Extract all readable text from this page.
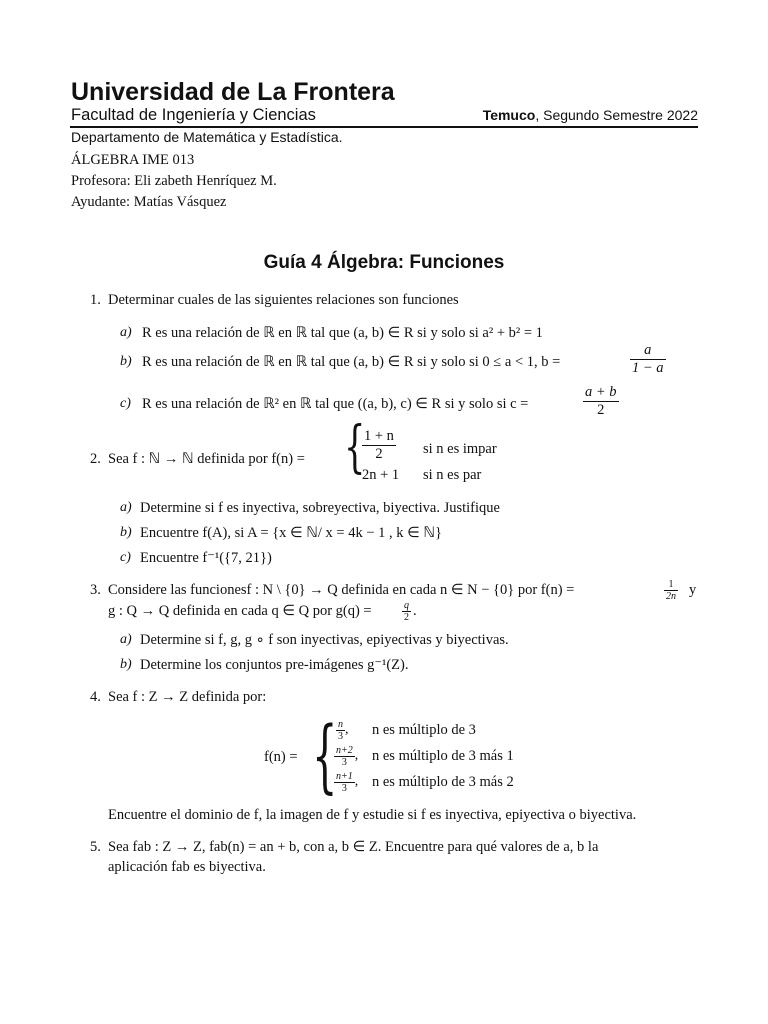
Universidad de La Frontera
Facultad de Ingeniería y Ciencias	Temuco, Segundo Semestre 2022
Departamento de Matemática y Estadística.
ÁLGEBRA IME 013
Profesora: Eli zabeth Henríquez M.
Ayudante: Matías Vásquez
Guía 4 Álgebra: Funciones
1. Determinar cuales de las siguientes relaciones son funciones
a) R es una relación de ℝ en ℝ tal que (a, b) ∈ R si y solo si a² + b² = 1
b) R es una relación de ℝ en ℝ tal que (a, b) ∈ R si y solo si 0 ≤ a < 1, b =	$\frac{a}{1 - a}$
c) R es una relación de ℝ² en ℝ tal que ((a, b), c) ∈ R si y solo si c =	$\frac{a + b}{2}$
2. Sea f : ℕ → ℕ definida por f(n) = {
$\frac{1 + n}{2}$ si n es impar
2n + 1 si n es par
a) Determine si f es inyectiva, sobreyectiva, biyectiva. Justifique
b) Encuentre f(A), si A = {x ∈ ℕ/ x = 4k − 1 , k ∈ ℕ}
c) Encuentre f⁻¹({7, 21})
3. Considere las funcionesf : N \ {0} → Q definida en cada n ∈ N − {0} por f(n) =	$\frac{1}{2n}$ y
g : Q → Q definida en cada q ∈ Q por g(q) =	$\frac{q}{2}$ .
a) Determine si f, g, g ∘ f son inyectivas, epiyectivas y biyectivas.
b) Determine los conjuntos pre-imágenes g⁻¹(Z).
4. Sea f : Z → Z definida por:
f(n) = {
$\frac{n}{3}$ , n es múltiplo de 3
$\frac{n+2}{3}$ , n es múltiplo de 3 más 1
$\frac{n+1}{3}$ , n es múltiplo de 3 más 2
Encuentre el dominio de f, la imagen de f y estudie si f es inyectiva, epiyectiva o biyectiva.
5. Sea fab : Z → Z, fab(n) = an + b, con a, b ∈ Z. Encuentre para qué valores de a, b la
aplicación fab es biyectiva.
